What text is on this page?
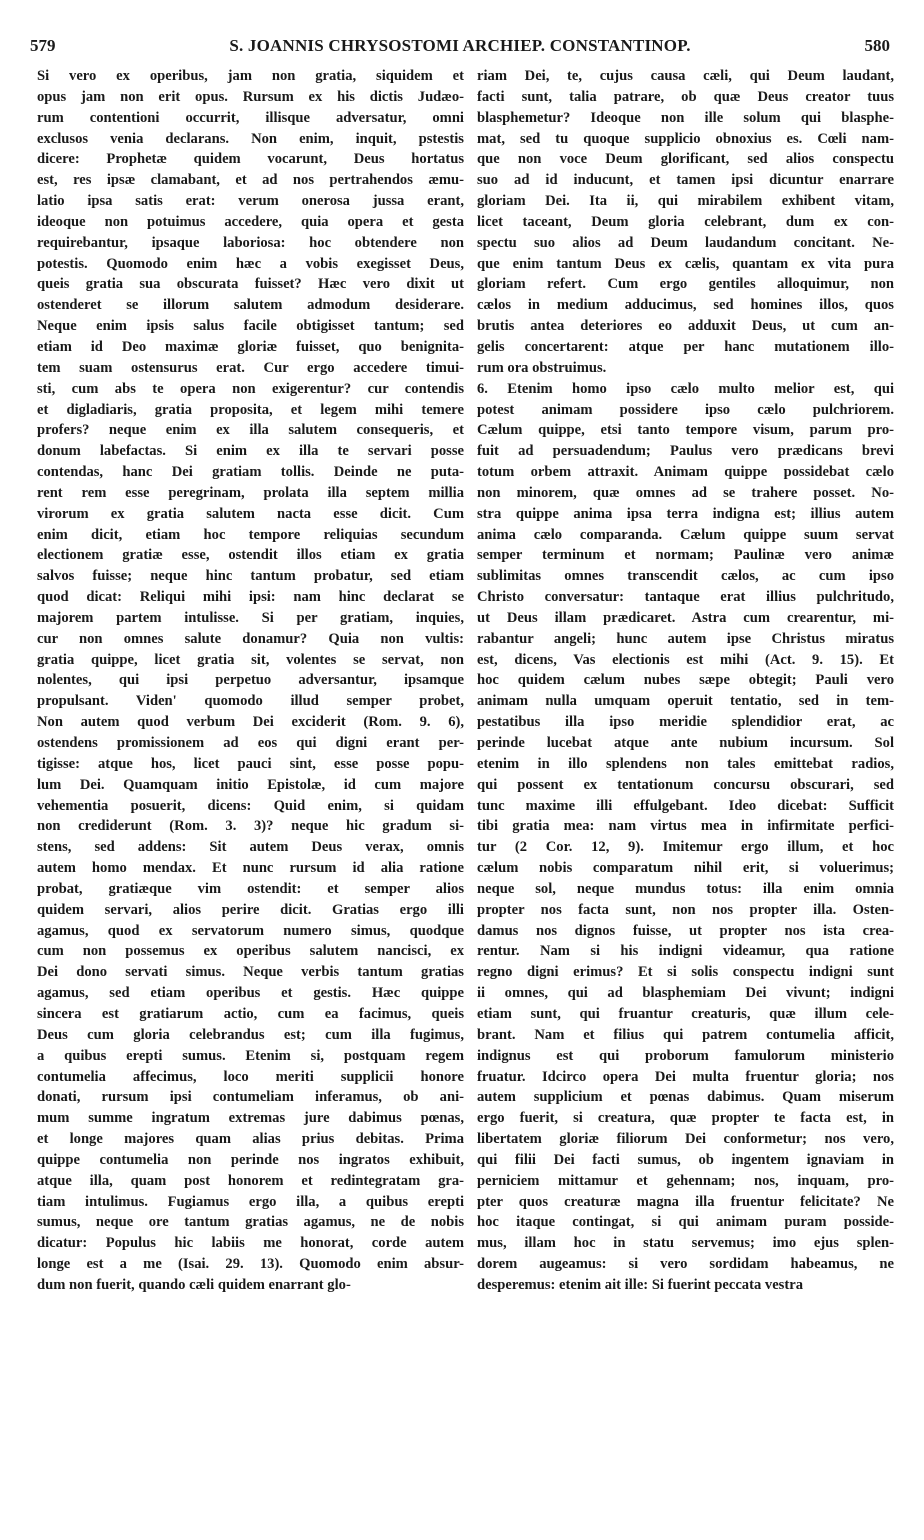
579	S. JOANNIS CHRYSOSTOMI ARCHIEP. CONSTANTINOP.	580
Si vero ex operibus, jam non gratia, siquidem et
opus jam non erit opus. Rursum ex his dictis Judæo-
rum contentioni occurrit, illisque adversatur, omni
exclusos venia declarans. Non enim, inquit, pstestis
dicere: Prophetæ quidem vocarunt, Deus hortatus
est, res ipsæ clamabant, et ad nos pertrahendos æmu-
latio ipsa satis erat: verum onerosa jussa erant,
ideoque non potuimus accedere, quia opera et gesta
requirebantur, ipsaque laboriosa: hoc obtendere non
potestis. Quomodo enim hæc a vobis exegisset Deus,
queis gratia sua obscurata fuisset? Hæc vero dixit ut
ostenderet se illorum salutem admodum desiderare.
Neque enim ipsis salus facile obtigisset tantum; sed
etiam id Deo maximæ gloriæ fuisset, quo benignita-
tem suam ostensurus erat. Cur ergo accedere timui-
sti, cum abs te opera non exigerentur? cur contendis
et digladiaris, gratia proposita, et legem mihi temere
profers? neque enim ex illa salutem consequeris, et
donum labefactas. Si enim ex illa te servari posse
contendas, hanc Dei gratiam tollis. Deinde ne puta-
rent rem esse peregrinam, prolata illa septem millia
virorum ex gratia salutem nacta esse dicit. Cum
enim dicit, etiam hoc tempore reliquias secundum
electionem gratiæ esse, ostendit illos etiam ex gratia
salvos fuisse; neque hinc tantum probatur, sed etiam
quod dicat: Reliqui mihi ipsi: nam hinc declarat se
majorem partem intulisse. Si per gratiam, inquies,
cur non omnes salute donamur? Quia non vultis:
gratia quippe, licet gratia sit, volentes se servat, non
nolentes, qui ipsi perpetuo adversantur, ipsamque
propulsant. Viden' quomodo illud semper probet,
Non autem quod verbum Dei exciderit (Rom. 9. 6),
ostendens promissionem ad eos qui digni erant per-
tigisse: atque hos, licet pauci sint, esse posse popu-
lum Dei. Quamquam initio Epistolæ, id cum majore
vehementia posuerit, dicens: Quid enim, si quidam
non crediderunt (Rom. 3. 3)? neque hic gradum si-
stens, sed addens: Sit autem Deus verax, omnis
autem homo mendax. Et nunc rursum id alia ratione
probat, gratiæque vim ostendit: et semper alios
quidem servari, alios perire dicit. Gratias ergo illi
agamus, quod ex servatorum numero simus, quodque
cum non possemus ex operibus salutem nancisci, ex
Dei dono servati simus. Neque verbis tantum gratias
agamus, sed etiam operibus et gestis. Hæc quippe
sincera est gratiarum actio, cum ea facimus, queis
Deus cum gloria celebrandus est; cum illa fugimus,
a quibus erepti sumus. Etenim si, postquam regem
contumelia affecimus, loco meriti supplicii honore
donati, rursum ipsi contumeliam inferamus, ob ani-
mum summe ingratum extremas jure dabimus pœnas,
et longe majores quam alias prius debitas. Prima
quippe contumelia non perinde nos ingratos exhibuit,
atque illa, quam post honorem et redintegratam gra-
tiam intulimus. Fugiamus ergo illa, a quibus erepti
sumus, neque ore tantum gratias agamus, ne de nobis
dicatur: Populus hic labiis me honorat, corde autem
longe est a me (Isai. 29. 13). Quomodo enim absur-
dum non fuerit, quando cæli quidem enarrant glo-
riam Dei, te, cujus causa cæli, qui Deum laudant,
facti sunt, talia patrare, ob quæ Deus creator tuus
blasphemetur? Ideoque non ille solum qui blasphe-
mat, sed tu quoque supplicio obnoxius es. Cœli nam-
que non voce Deum glorificant, sed alios conspectu
suo ad id inducunt, et tamen ipsi dicuntur enarrare
gloriam Dei. Ita ii, qui mirabilem exhibent vitam,
licet taceant, Deum gloria celebrant, dum ex con-
spectu suo alios ad Deum laudandum concitant. Ne-
que enim tantum Deus ex cælis, quantam ex vita pura
gloriam refert. Cum ergo gentiles alloquimur, non
cælos in medium adducimus, sed homines illos, quos
brutis antea deteriores eo adduxit Deus, ut cum an-
gelis concertarent: atque per hanc mutationem illo-
rum ora obstruimus.
6. Etenim homo ipso cælo multo melior est, qui
potest animam possidere ipso cælo pulchriorem.
Cælum quippe, etsi tanto tempore visum, parum pro-
fuit ad persuadendum; Paulus vero prædicans brevi
totum orbem attraxit. Animam quippe possidebat cælo
non minorem, quæ omnes ad se trahere posset. No-
stra quippe anima ipsa terra indigna est; illius autem
anima cælo comparanda. Cælum quippe suum servat
semper terminum et normam; Paulinæ vero animæ
sublimitas omnes transcendit cælos, ac cum ipso
Christo conversatur: tantaque erat illius pulchritudo,
ut Deus illam prædicaret. Astra cum crearentur, mi-
rabantur angeli; hunc autem ipse Christus miratus
est, dicens, Vas electionis est mihi (Act. 9. 15). Et
hoc quidem cælum nubes sæpe obtegit; Pauli vero
animam nulla umquam operuit tentatio, sed in tem-
pestatibus illa ipso meridie splendidior erat, ac
perinde lucebat atque ante nubium incursum. Sol
etenim in illo splendens non tales emittebat radios,
qui possent ex tentationum concursu obscurari, sed
tunc maxime illi effulgebant. Ideo dicebat: Sufficit
tibi gratia mea: nam virtus mea in infirmitate perfici-
tur (2 Cor. 12, 9). Imitemur ergo illum, et hoc
cælum nobis comparatum nihil erit, si voluerimus;
neque sol, neque mundus totus: illa enim omnia
propter nos facta sunt, non nos propter illa. Osten-
damus nos dignos fuisse, ut propter nos ista crea-
rentur. Nam si his indigni videamur, qua ratione
regno digni erimus? Et si solis conspectu indigni sunt
ii omnes, qui ad blasphemiam Dei vivunt; indigni
etiam sunt, qui fruantur creaturis, quæ illum cele-
brant. Nam et filius qui patrem contumelia afficit,
indignus est qui proborum famulorum ministerio
fruatur. Idcirco opera Dei multa fruentur gloria; nos
autem supplicium et pœnas dabimus. Quam miserum
ergo fuerit, si creatura, quæ propter te facta est, in
libertatem gloriæ filiorum Dei conformetur; nos vero,
qui filii Dei facti sumus, ob ingentem ignaviam in
perniciem mittamur et gehennam; nos, inquam, pro-
pter quos creaturæ magna illa fruentur felicitate? Ne
hoc itaque contingat, si qui animam puram posside-
mus, illam hoc in statu servemus; imo ejus splen-
dorem augeamus: si vero sordidam habeamus, ne
desperemus: etenim ait ille: Si fuerint peccata vestra
